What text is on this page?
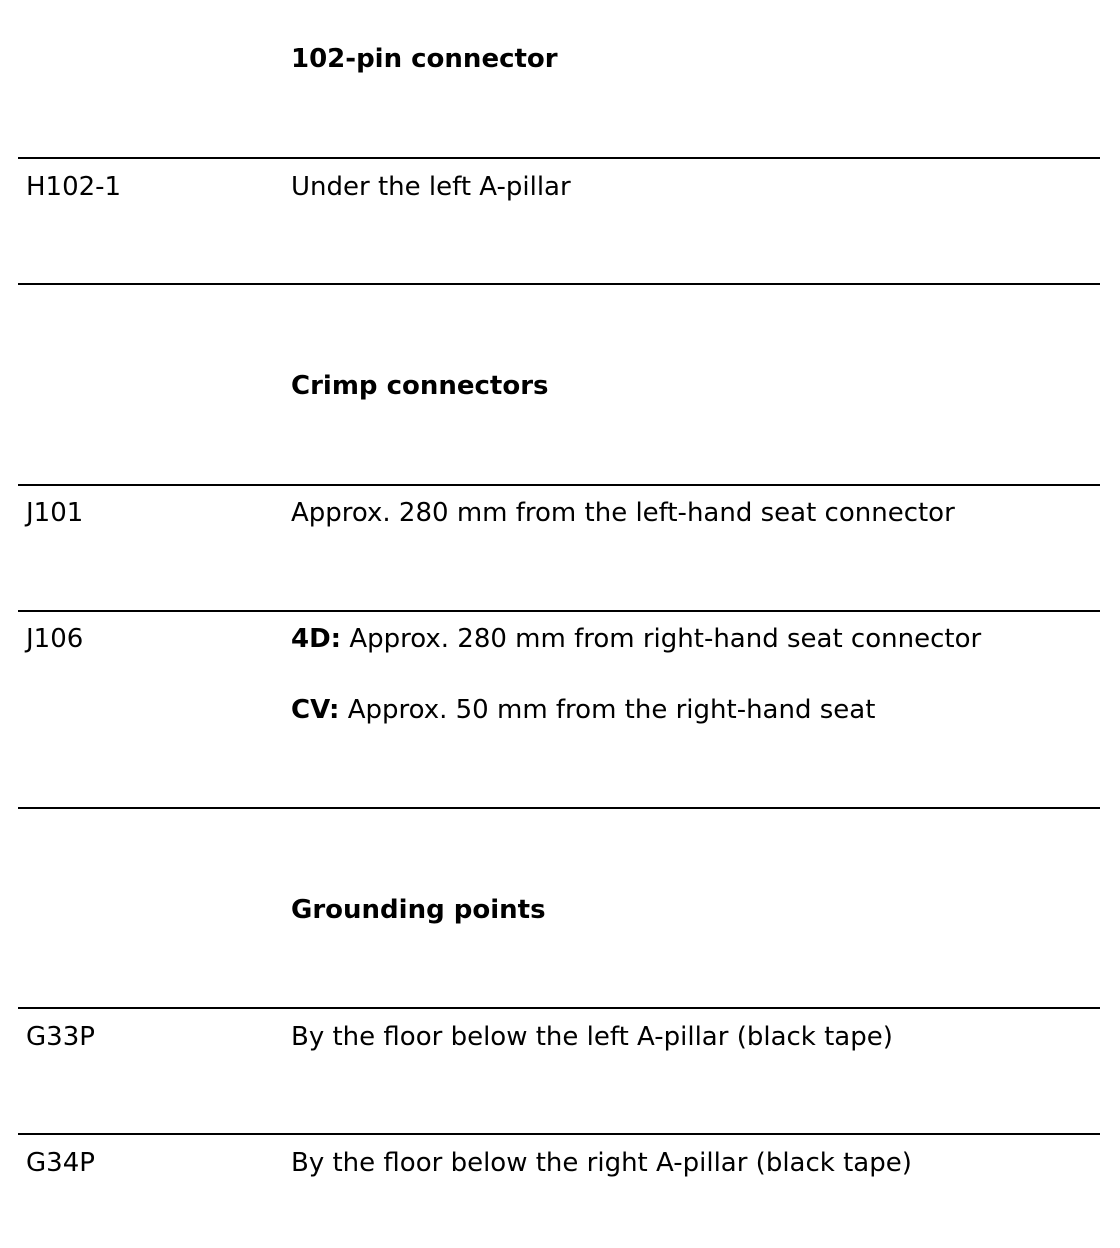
102-pin connector
H102-1	Under the left A-pillar
Crimp connectors
J101	Approx. 280 mm from the left-hand seat connector
J106	4D: Approx. 280 mm from right-hand seat connector
CV: Approx. 50 mm from the right-hand seat
Grounding points
G33P	By the floor below the left A-pillar (black tape)
G34P	By the floor below the right A-pillar (black tape)
